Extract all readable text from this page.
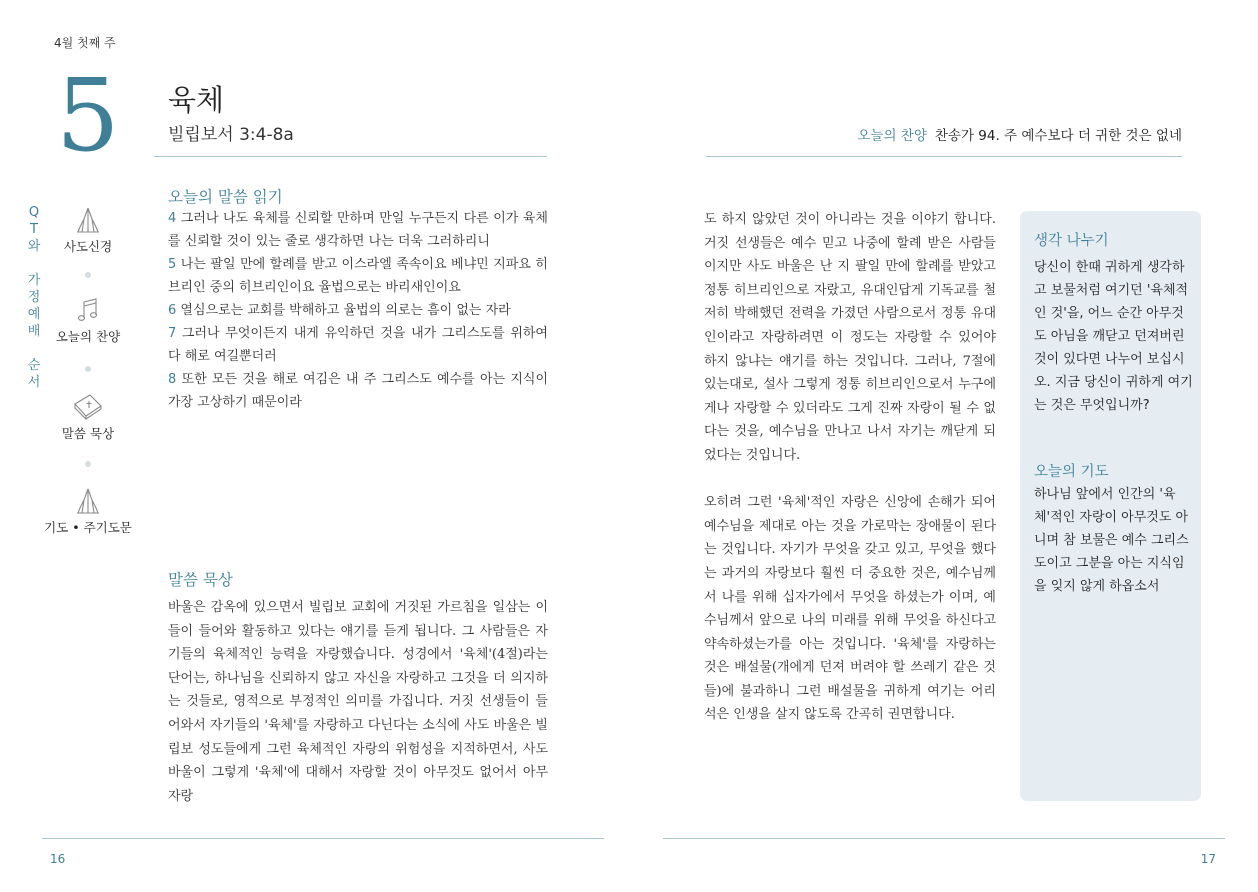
4월 첫째 주
5 육체
빌립보서 3:4-8a
Q
T
와
가
정
예
배
순
서
사도신경
오늘의 찬양
말씀 묵상
기도 • 주기도문
오늘의 말씀 읽기

4 그러나 나도 육체를 신뢰할 만하며 만일 누구든지 다른 이가 육체를 신뢰할 것이 있는 줄로 생각하면 나는 더욱 그러하리니

5 나는 팔일 만에 할례를 받고 이스라엘 족속이요 베냐민 지파요 히브리인 중의 히브리인이요 율법으로는 바리새인이요

6 열심으로는 교회를 박해하고 율법의 의로는 흠이 없는 자라

7 그러나 무엇이든지 내게 유익하던 것을 내가 그리스도를 위하여 다 해로 여길뿐더러

8 또한 모든 것을 해로 여김은 내 주 그리스도 예수를 아는 지식이 가장 고상하기 때문이라

말씀 묵상

바울은 감옥에 있으면서 빌립보 교회에 거짓된 가르침을 일삼는 이들이 들어와 활동하고 있다는 얘기를 듣게 됩니다. 그 사람들은 자기들의 육체적인 능력을 자랑했습니다. 성경에서 '육체'(4절)라는 단어는, 하나님을 신뢰하지 않고 자신을 자랑하고 그것을 더 의지하는 것들로, 영적으로 부정적인 의미를 가집니다. 거짓 선생들이 들어와서 자기들의 '육체'를 자랑하고 다닌다는 소식에 사도 바울은 빌립보 성도들에게 그런 육체적인 자랑의 위험성을 지적하면서, 사도 바울이 그렇게 '육체'에 대해서 자랑할 것이 아무것도 없어서 아무 자랑

오늘의 찬양 찬송가 94. 주 예수보다 더 귀한 것은 없네

도 하지 않았던 것이 아니라는 것을 이야기 합니다. 거짓 선생들은 예수 믿고 나중에 할례 받은 사람들이지만 사도 바울은 난 지 팔일 만에 할례를 받았고 정통 히브리인으로 자랐고, 유대인답게 기독교를 철저히 박해했던 전력을 가졌던 사람으로서 정통 유대인이라고 자랑하려면 이 정도는 자랑할 수 있어야 하지 않냐는 얘기를 하는 것입니다. 그러나, 7절에 있는대로, 설사 그렇게 정통 히브리인으로서 누구에게나 자랑할 수 있더라도 그게 진짜 자랑이 될 수 없다는 것을, 예수님을 만나고 나서 자기는 깨닫게 되었다는 것입니다.

오히려 그런 '육체'적인 자랑은 신앙에 손해가 되어 예수님을 제대로 아는 것을 가로막는 장애물이 된다는 것입니다. 자기가 무엇을 갖고 있고, 무엇을 했다는 과거의 자랑보다 훨씬 더 중요한 것은, 예수님께서 나를 위해 십자가에서 무엇을 하셨는가 이며, 예수님께서 앞으로 나의 미래를 위해 무엇을 하신다고 약속하셨는가를 아는 것입니다. '육체'를 자랑하는 것은 배설물(개에게 던져 버려야 할 쓰레기 같은 것들)에 불과하니 그런 배설물을 귀하게 여기는 어리석은 인생을 살지 않도록 간곡히 권면합니다.

생각 나누기

당신이 한때 귀하게 생각하고 보물처럼 여기던 '육체적인 것'을, 어느 순간 아무것도 아님을 깨닫고 던져버린 것이 있다면 나누어 보십시오. 지금 당신이 귀하게 여기는 것은 무엇입니까?

오늘의 기도

하나님 앞에서 인간의 '육체'적인 자랑이 아무것도 아니며 참 보물은 예수 그리스도이고 그분을 아는 지식임을 잊지 않게 하옵소서

16	17
